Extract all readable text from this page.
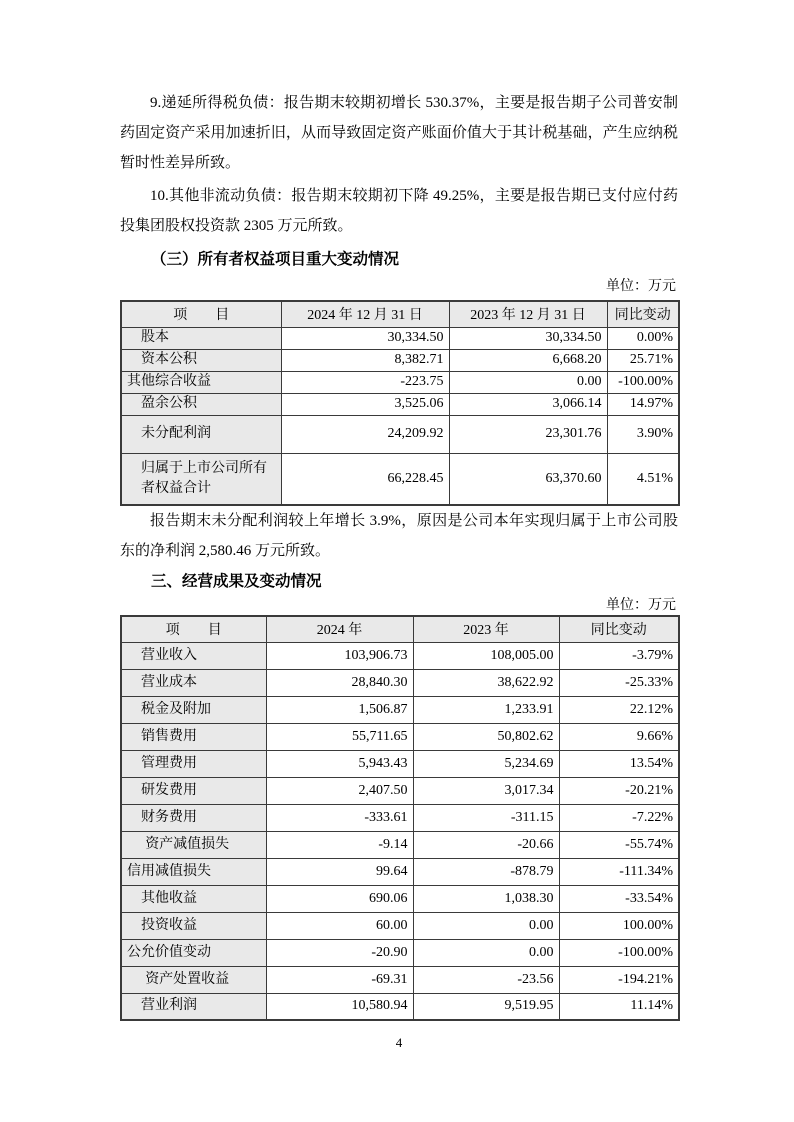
9.递延所得税负债：报告期末较期初增长 530.37%，主要是报告期子公司普安制药固定资产采用加速折旧，从而导致固定资产账面价值大于其计税基础，产生应纳税暂时性差异所致。

10.其他非流动负债：报告期末较期初下降 49.25%，主要是报告期已支付应付药投集团股权投资款 2305 万元所致。

（三）所有者权益项目重大变动情况

单位：万元

项　　目	2024 年 12 月 31 日	2023 年 12 月 31 日	同比变动
股本	30,334.50	30,334.50	0.00%
资本公积	8,382.71	6,668.20	25.71%
其他综合收益	-223.75	0.00	-100.00%
盈余公积	3,525.06	3,066.14	14.97%
未分配利润	24,209.92	23,301.76	3.90%
归属于上市公司所有者权益合计	66,228.45	63,370.60	4.51%

报告期末未分配利润较上年增长 3.9%，原因是公司本年实现归属于上市公司股东的净利润 2,580.46 万元所致。

三、经营成果及变动情况

单位：万元

项　　目	2024 年	2023 年	同比变动
营业收入	103,906.73	108,005.00	-3.79%
营业成本	28,840.30	38,622.92	-25.33%
税金及附加	1,506.87	1,233.91	22.12%
销售费用	55,711.65	50,802.62	9.66%
管理费用	5,943.43	5,234.69	13.54%
研发费用	2,407.50	3,017.34	-20.21%
财务费用	-333.61	-311.15	-7.22%
资产减值损失	-9.14	-20.66	-55.74%
信用减值损失	99.64	-878.79	-111.34%
其他收益	690.06	1,038.30	-33.54%
投资收益	60.00	0.00	100.00%
公允价值变动	-20.90	0.00	-100.00%
资产处置收益	-69.31	-23.56	-194.21%
营业利润	10,580.94	9,519.95	11.14%

4
